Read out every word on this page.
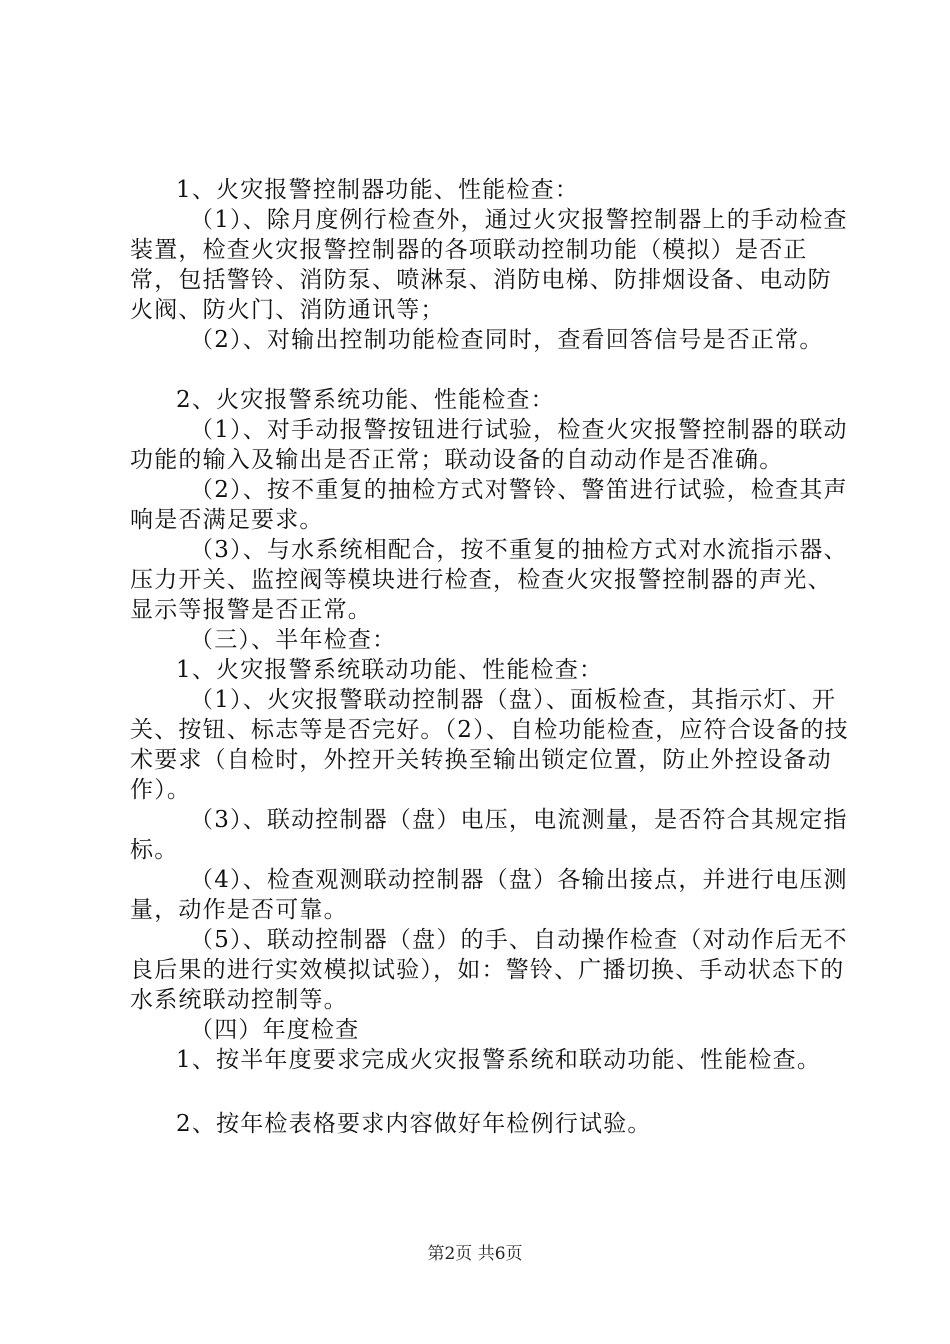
1、火灾报警控制器功能、性能检查：

（1）、除月度例行检查外，通过火灾报警控制器上的手动检查装置，检查火灾报警控制器的各项联动控制功能（模拟）是否正常，包括警铃、消防泵、喷淋泵、消防电梯、防排烟设备、电动防火阀、防火门、消防通讯等；

（2）、对输出控制功能检查同时，查看回答信号是否正常。

2、火灾报警系统功能、性能检查：

（1）、对手动报警按钮进行试验，检查火灾报警控制器的联动功能的输入及输出是否正常；联动设备的自动动作是否准确。

（2）、按不重复的抽检方式对警铃、警笛进行试验，检查其声响是否满足要求。

（3）、与水系统相配合，按不重复的抽检方式对水流指示器、压力开关、监控阀等模块进行检查，检查火灾报警控制器的声光、显示等报警是否正常。

（三）、半年检查：

1、火灾报警系统联动功能、性能检查：

（1）、火灾报警联动控制器（盘）、面板检查，其指示灯、开关、按钮、标志等是否完好。（2）、自检功能检查，应符合设备的技术要求（自检时，外控开关转换至输出锁定位置，防止外控设备动作）。

（3）、联动控制器（盘）电压，电流测量，是否符合其规定指标。

（4）、检查观测联动控制器（盘）各输出接点，并进行电压测量，动作是否可靠。

（5）、联动控制器（盘）的手、自动操作检查（对动作后无不良后果的进行实效模拟试验），如：警铃、广播切换、手动状态下的水系统联动控制等。

（四）年度检查

1、按半年度要求完成火灾报警系统和联动功能、性能检查。

2、按年检表格要求内容做好年检例行试验。

第2页 共6页
